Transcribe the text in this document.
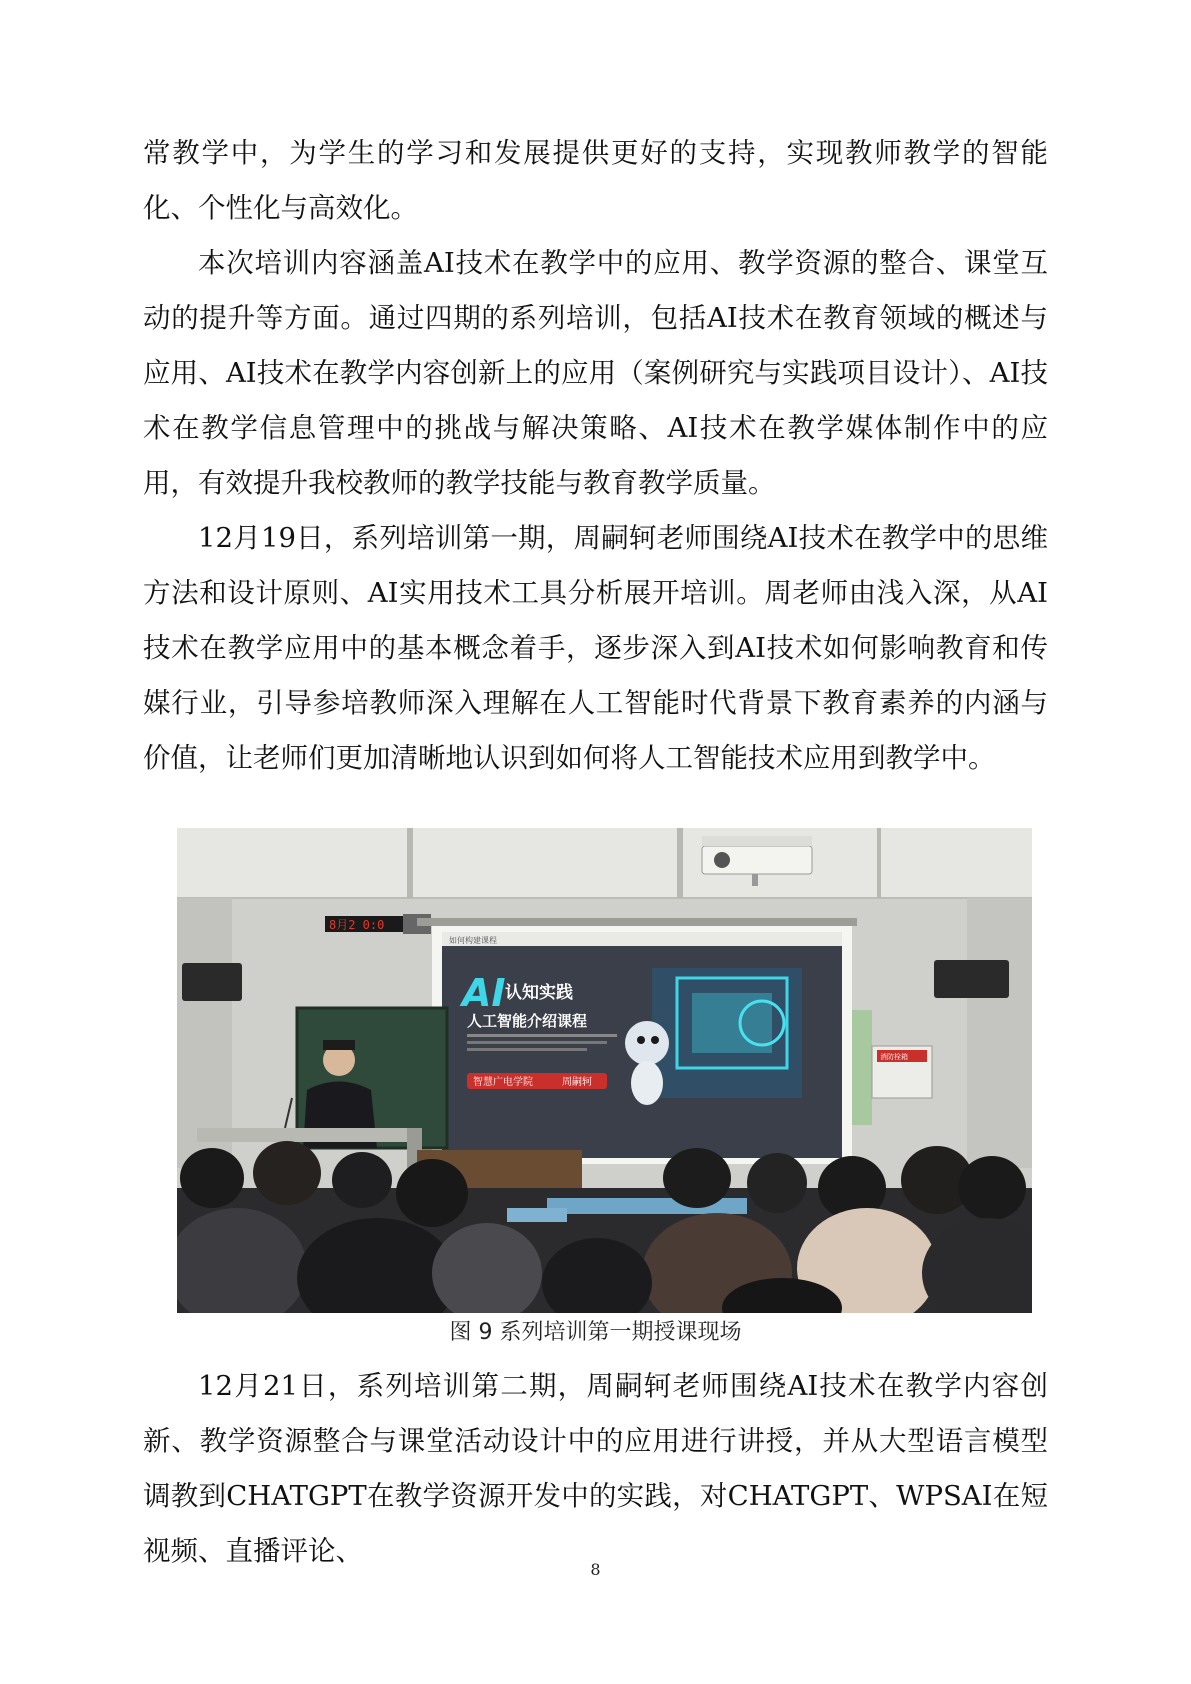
常教学中，为学生的学习和发展提供更好的支持，实现教师教学的智能化、个性化与高效化。

本次培训内容涵盖AI技术在教学中的应用、教学资源的整合、课堂互动的提升等方面。通过四期的系列培训，包括AI技术在教育领域的概述与应用、AI技术在教学内容创新上的应用（案例研究与实践项目设计）、AI技术在教学信息管理中的挑战与解决策略、AI技术在教学媒体制作中的应用，有效提升我校教师的教学技能与教育教学质量。

12月19日，系列培训第一期，周嗣轲老师围绕AI技术在教学中的思维方法和设计原则、AI实用技术工具分析展开培训。周老师由浅入深，从AI技术在教学应用中的基本概念着手，逐步深入到AI技术如何影响教育和传媒行业，引导参培教师深入理解在人工智能时代背景下教育素养的内涵与价值，让老师们更加清晰地认识到如何将人工智能技术应用到教学中。

8月2 0:0
如何构建课程
AI 认知实践
人工智能介绍课程
智慧广电学院	周嗣轲
消防栓箱
图 9 系列培训第一期授课现场

12月21日，系列培训第二期，周嗣轲老师围绕AI技术在教学内容创新、教学资源整合与课堂活动设计中的应用进行讲授，并从大型语言模型调教到CHATGPT在教学资源开发中的实践，对CHATGPT、WPSAI在短视频、直播评论、

8
